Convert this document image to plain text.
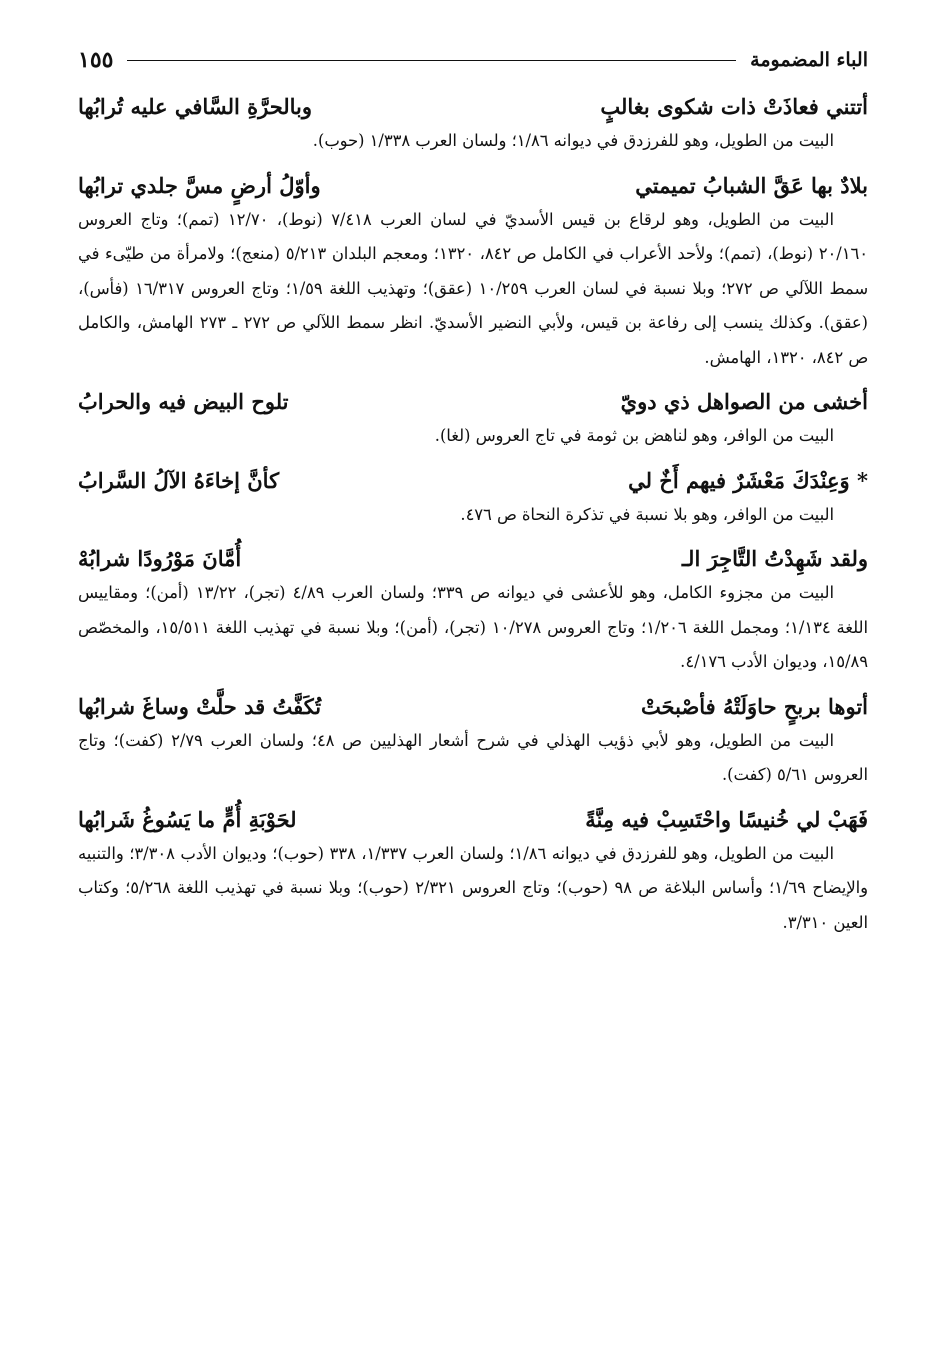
الباء المضمومة
١٥٥
أتتني فعاذَتْ ذات شكوى بغالبٍ
وبالحرَّةِ السَّافي عليه تُرابُها

البيت من الطويل، وهو للفرزدق في ديوانه ١/٨٦؛ ولسان العرب ١/٣٣٨ (حوب).

بلادٌ بها عَقَّ الشبابُ تميمتي
وأوّلُ أرضٍ مسَّ جلدي ترابُها

البيت من الطويل، وهو لرقاع بن قيس الأسديّ في لسان العرب ٧/٤١٨ (نوط)، ١٢/٧٠ (تمم)؛ وتاج العروس ٢٠/١٦٠ (نوط)، (تمم)؛ ولأحد الأعراب في الكامل ص ٨٤٢، ١٣٢٠؛ ومعجم البلدان ٥/٢١٣ (منعج)؛ ولامرأة من طيّىء في سمط اللآلي ص ٢٧٢؛ وبلا نسبة في لسان العرب ١٠/٢٥٩ (عقق)؛ وتهذيب اللغة ١/٥٩؛ وتاج العروس ١٦/٣١٧ (فأس)، (عقق). وكذلك ينسب إلى رفاعة بن قيس، ولأبي النضير الأسديّ. انظر سمط اللآلي ص ٢٧٢ ـ ٢٧٣ الهامش، والكامل ص ٨٤٢، ١٣٢٠، الهامش.

أخشى من الصواهل ذي دويّ
تلوح البيض فيه والحرابُ

البيت من الوافر، وهو لناهض بن ثومة في تاج العروس (لغا).

* وَعِنْدَكَ مَعْشَرٌ فيهم أَخٌ لي
كأنَّ إخاءَهُ الآلُ السَّرابُ

البيت من الوافر، وهو بلا نسبة في تذكرة النحاة ص ٤٧٦.

ولقد شَهِدْتُ التَّاجِرَ الـ
أُمَّانَ مَوْرُودًا شرابُهْ

البيت من مجزوء الكامل، وهو للأعشى في ديوانه ص ٣٣٩؛ ولسان العرب ٤/٨٩ (تجر)، ١٣/٢٢ (أمن)؛ ومقاييس اللغة ١/١٣٤؛ ومجمل اللغة ١/٢٠٦؛ وتاج العروس ١٠/٢٧٨ (تجر)، (أمن)؛ وبلا نسبة في تهذيب اللغة ١٥/٥١١، والمخصّص ١٥/٨٩، وديوان الأدب ٤/١٧٦.

أتوها بربحٍ حاوَلَتْهُ فأصْبحَتْ
تُكَفَّتُ قد حلَّتْ وساغَ شرابُها

البيت من الطويل، وهو لأبي ذؤيب الهذلي في شرح أشعار الهذليين ص ٤٨؛ ولسان العرب ٢/٧٩ (كفت)؛ وتاج العروس ٥/٦١ (كفت).

فَهَبْ لي خُنيسًا واحْتَسِبْ فيه مِنَّةً
لحَوْبَةِ أُمٍّ ما يَسُوغُ شَرابُها

البيت من الطويل، وهو للفرزدق في ديوانه ١/٨٦؛ ولسان العرب ١/٣٣٧، ٣٣٨ (حوب)؛ وديوان الأدب ٣/٣٠٨؛ والتنبيه والإيضاح ١/٦٩؛ وأساس البلاغة ص ٩٨ (حوب)؛ وتاج العروس ٢/٣٢١ (حوب)؛ وبلا نسبة في تهذيب اللغة ٥/٢٦٨؛ وكتاب العين ٣/٣١٠.
